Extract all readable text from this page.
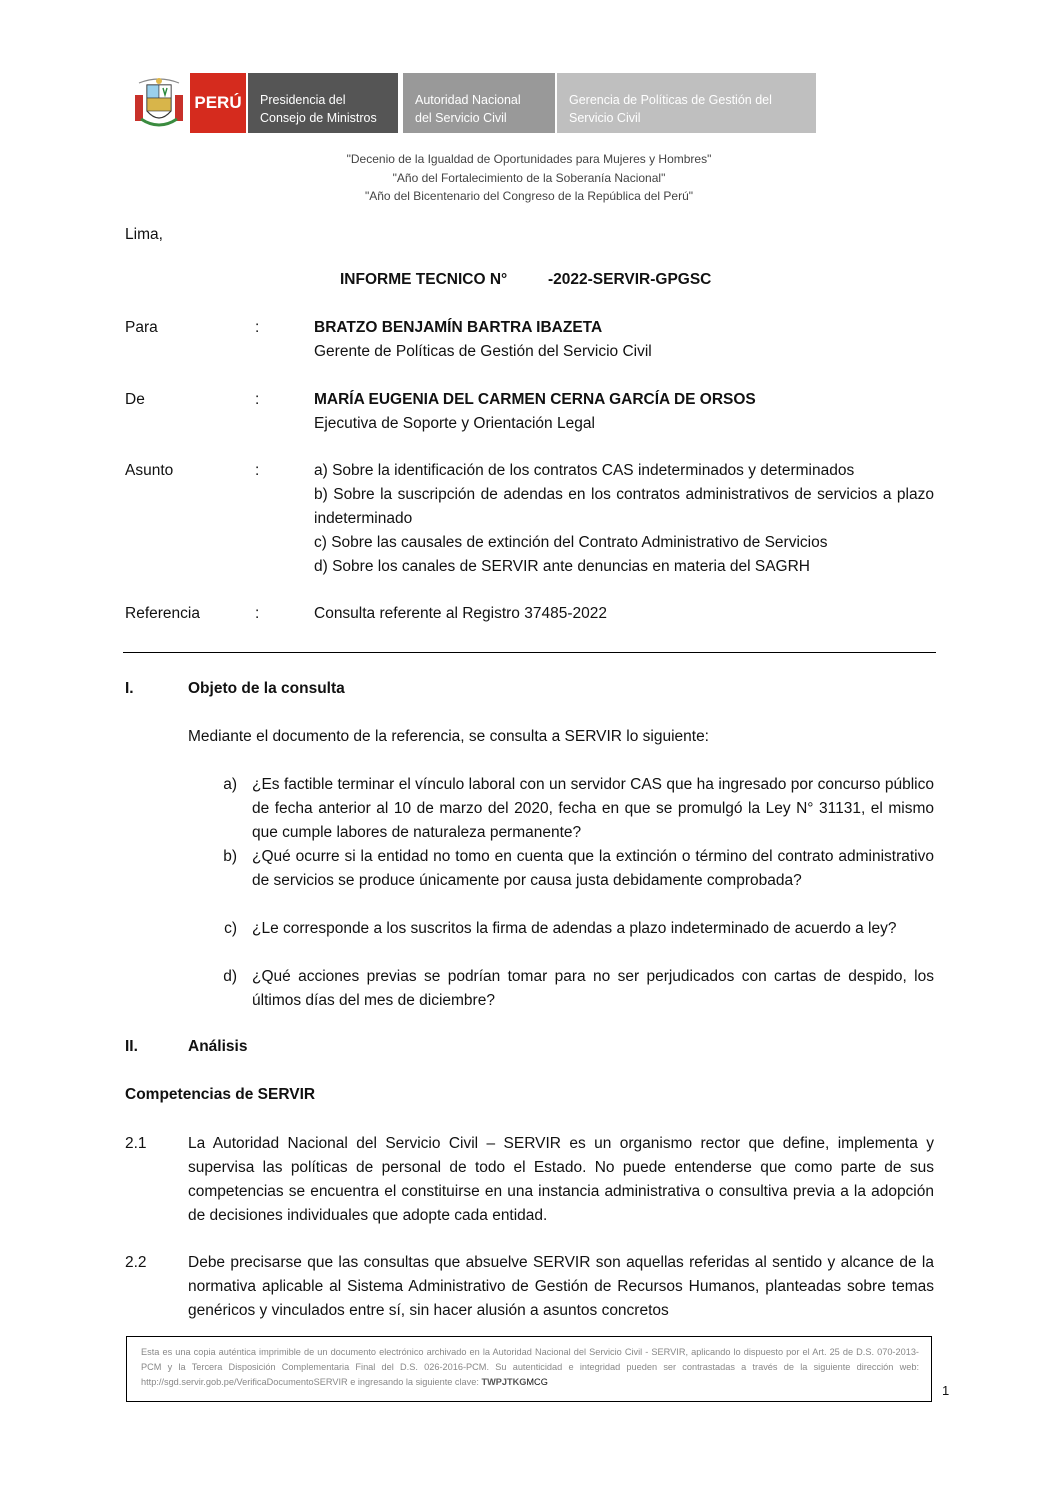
PERÚ	Presidencia del
Consejo de Ministros
Autoridad Nacional
del Servicio Civil
Gerencia de Políticas de Gestión del
Servicio Civil
"Decenio de la Igualdad de Oportunidades para Mujeres y Hombres"
"Año del Fortalecimiento de la Soberanía Nacional"
"Año del Bicentenario del Congreso de la República del Perú"
Lima,
INFORME TECNICO N°	-2022-SERVIR-GPGSC
Para	:	BRATZO BENJAMÍN BARTRA IBAZETA
Gerente de Políticas de Gestión del Servicio Civil
De	:	MARÍA EUGENIA DEL CARMEN CERNA GARCÍA DE ORSOS
Ejecutiva de Soporte y Orientación Legal
Asunto	:	a) Sobre la identificación de los contratos CAS indeterminados y determinados
b) Sobre la suscripción de adendas en los contratos administrativos de servicios a plazo indeterminado
c) Sobre las causales de extinción del Contrato Administrativo de Servicios
d) Sobre los canales de SERVIR ante denuncias en materia del SAGRH
Referencia	:	Consulta referente al Registro 37485-2022
I.	Objeto de la consulta
Mediante el documento de la referencia, se consulta a SERVIR lo siguiente:
a) ¿Es factible terminar el vínculo laboral con un servidor CAS que ha ingresado por concurso público de fecha anterior al 10 de marzo del 2020, fecha en que se promulgó la Ley N° 31131, el mismo que cumple labores de naturaleza permanente?
b) ¿Qué ocurre si la entidad no tomo en cuenta que la extinción o término del contrato administrativo de servicios se produce únicamente por causa justa debidamente comprobada?
c) ¿Le corresponde a los suscritos la firma de adendas a plazo indeterminado de acuerdo a ley?
d) ¿Qué acciones previas se podrían tomar para no ser perjudicados con cartas de despido, los últimos días del mes de diciembre?
II.	Análisis
Competencias de SERVIR
2.1	La Autoridad Nacional del Servicio Civil – SERVIR es un organismo rector que define, implementa y supervisa las políticas de personal de todo el Estado. No puede entenderse que como parte de sus competencias se encuentra el constituirse en una instancia administrativa o consultiva previa a la adopción de decisiones individuales que adopte cada entidad.
2.2	Debe precisarse que las consultas que absuelve SERVIR son aquellas referidas al sentido y alcance de la normativa aplicable al Sistema Administrativo de Gestión de Recursos Humanos, planteadas sobre temas genéricos y vinculados entre sí, sin hacer alusión a asuntos concretos
Esta es una copia auténtica imprimible de un documento electrónico archivado en la Autoridad Nacional del Servicio Civil - SERVIR, aplicando lo dispuesto por el Art. 25 de D.S. 070-2013-PCM y la Tercera Disposición Complementaria Final del D.S. 026-2016-PCM. Su autenticidad e integridad pueden ser contrastadas a través de la siguiente dirección web: http://sgd.servir.gob.pe/VerificaDocumentoSERVIR e ingresando la siguiente clave: TWPJTKGMCG
1
